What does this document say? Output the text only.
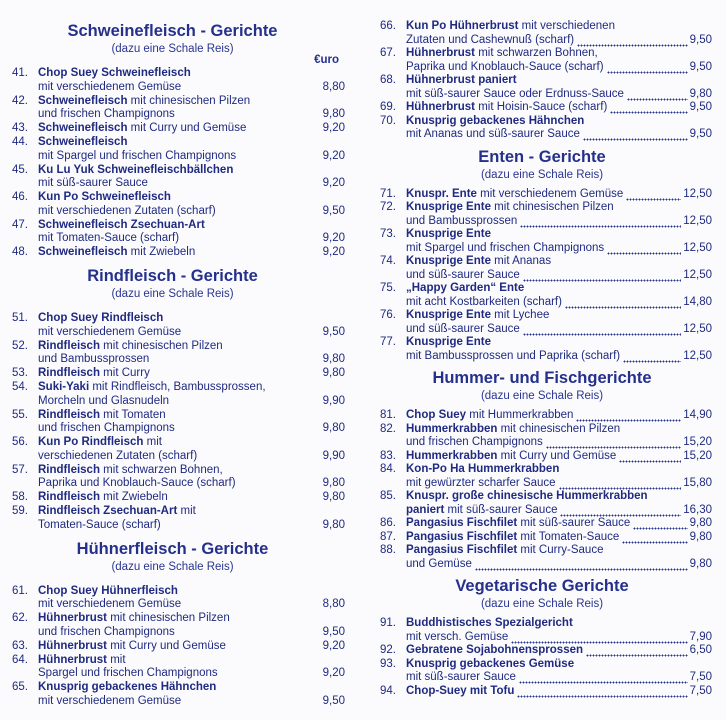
Schweinefleisch - Gerichte
(dazu eine Schale Reis)
€uro
41. Chop Suey Schweinefleisch
mit verschiedenem Gemüse	8,80
42. Schweinefleisch mit chinesischen Pilzen
und frischen Champignons	9,80
43. Schweinefleisch mit Curry und Gemüse	9,20
44. Schweinefleisch
mit Spargel und frischen Champignons	9,20
45. Ku Lu Yuk Schweinefleischbällchen
mit süß-saurer Sauce	9,20
46. Kun Po Schweinefleisch
mit verschiedenen Zutaten (scharf)	9,50
47. Schweinefleisch Zsechuan-Art
mit Tomaten-Sauce (scharf)	9,20
48. Schweinefleisch mit Zwiebeln	9,20
Rindfleisch - Gerichte
(dazu eine Schale Reis)
51. Chop Suey Rindfleisch
mit verschiedenem Gemüse	9,50
52. Rindfleisch mit chinesischen Pilzen
und Bambussprossen	9,80
53. Rindfleisch mit Curry	9,80
54. Suki-Yaki mit Rindfleisch, Bambussprossen,
Morcheln und Glasnudeln	9,90
55. Rindfleisch mit Tomaten
und frischen Champignons	9,80
56. Kun Po Rindfleisch mit
verschiedenen Zutaten (scharf)	9,90
57. Rindfleisch mit schwarzen Bohnen,
Paprika und Knoblauch-Sauce (scharf)	9,80
58. Rindfleisch mit Zwiebeln	9,80
59. Rindfleisch Zsechuan-Art mit
Tomaten-Sauce (scharf)	9,80
Hühnerfleisch - Gerichte
(dazu eine Schale Reis)
61. Chop Suey Hühnerfleisch
mit verschiedenem Gemüse	8,80
62. Hühnerbrust mit chinesischen Pilzen
und frischen Champignons	9,50
63. Hühnerbrust mit Curry und Gemüse	9,20
64. Hühnerbrust mit
Spargel und frischen Champignons	9,20
65. Knusprig gebackenes Hähnchen
mit verschiedenem Gemüse	9,50
66. Kun Po Hühnerbrust mit verschiedenen
Zutaten und Cashewnuß (scharf)	9,50
67. Hühnerbrust mit schwarzen Bohnen,
Paprika und Knoblauch-Sauce (scharf)	9,50
68. Hühnerbrust paniert
mit süß-saurer Sauce oder Erdnuss-Sauce	9,80
69. Hühnerbrust mit Hoisin-Sauce (scharf)	9,50
70. Knusprig gebackenes Hähnchen
mit Ananas und süß-saurer Sauce	9,50
Enten - Gerichte
(dazu eine Schale Reis)
71. Knuspr. Ente mit verschiedenem Gemüse	12,50
72. Knusprige Ente mit chinesischen Pilzen
und Bambussprossen	12,50
73. Knusprige Ente
mit Spargel und frischen Champignons	12,50
74. Knusprige Ente mit Ananas
und süß-saurer Sauce	12,50
75. „Happy Garden“ Ente
mit acht Kostbarkeiten (scharf)	14,80
76. Knusprige Ente mit Lychee
und süß-saurer Sauce	12,50
77. Knusprige Ente
mit Bambussprossen und Paprika (scharf)	12,50
Hummer- und Fischgerichte
(dazu eine Schale Reis)
81. Chop Suey mit Hummerkrabben	14,90
82. Hummerkrabben mit chinesischen Pilzen
und frischen Champignons	15,20
83. Hummerkrabben mit Curry und Gemüse	15,20
84. Kon-Po Ha Hummerkrabben
mit gewürzter scharfer Sauce	15,80
85. Knuspr. große chinesische Hummerkrabben
paniert mit süß-saurer Sauce	16,30
86. Pangasius Fischfilet mit süß-saurer Sauce	9,80
87. Pangasius Fischfilet mit Tomaten-Sauce	9,80
88. Pangasius Fischfilet mit Curry-Sauce
und Gemüse	9,80
Vegetarische Gerichte
(dazu eine Schale Reis)
91. Buddhistisches Spezialgericht
mit versch. Gemüse	7,90
92. Gebratene Sojabohnensprossen	6,50
93. Knusprig gebackenes Gemüse
mit süß-saurer Sauce	7,50
94. Chop-Suey mit Tofu	7,50
